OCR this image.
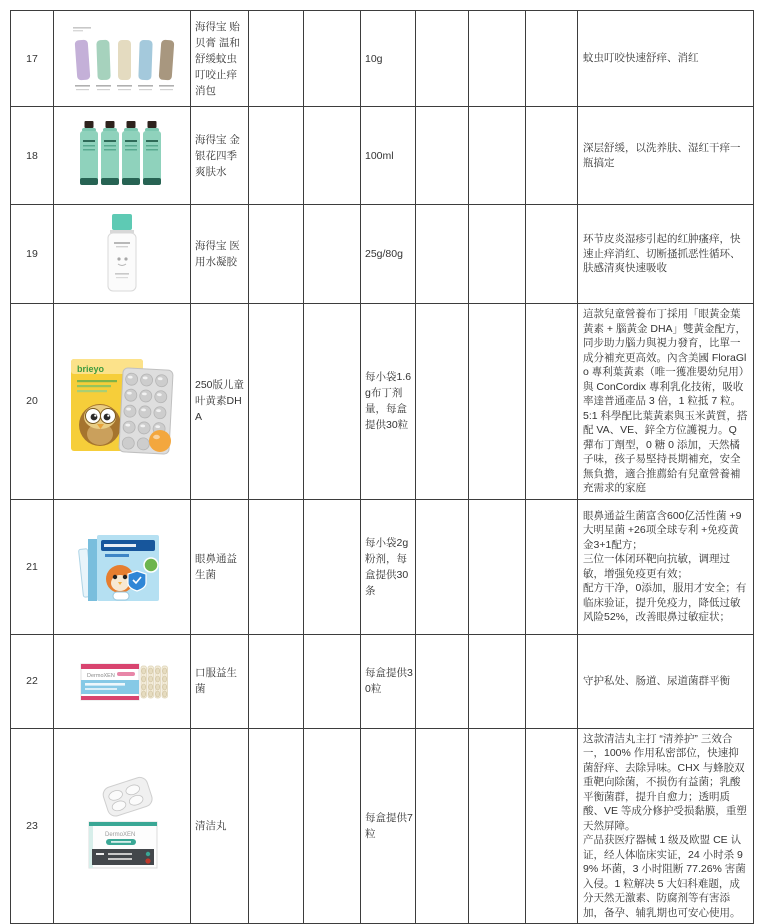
17		海得宝 贻贝膏 温和舒缓蚊虫叮咬止痒消包			10g				蚊虫叮咬快速舒痒、消红
18		海得宝 金银花四季爽肤水			100ml				深层舒缓，以洗养肤、湿红干痒一瓶搞定
19		海得宝 医用水凝胶			25g/80g				环节皮炎湿疹引起的红肿瘙痒，快速止痒消红、切断搔抓恶性循环、肤感清爽快速吸收
20	brieyo	250版儿童叶黄素DHA			每小袋1.6g布丁剂量，每盒提供30粒				這款兒童營養布丁採用「眼黃金葉黃素 + 腦黃金 DHA」雙黃金配方，同步助力腦力與視力發育，比單一成分補充更高效。內含美國 FloraGlo 專利葉黃素（唯一獲准嬰幼兒用）與 ConCordix 專利乳化技術，吸收率達普通產品 3 倍，1 粒抵 7 粒。
5:1 科學配比葉黃素與玉米黃質，搭配 VA、VE、鋅全方位護視力。Q 彈布丁劑型，0 糖 0 添加，天然橘子味，孩子易堅持長期補充，安全無負擔，適合推薦給有兒童營養補充需求的家庭
21		眼鼻通益生菌			每小袋2g粉剂，每盒提供30条				眼鼻通益生菌富含600亿活性菌 +9大明星菌 +26项全球专利 +免疫黄金3+1配方；
三位一体闭环靶向抗敏，调理过敏，增强免疫更有效；
配方干净，0添加，服用才安全；有临床验证，提升免疫力，降低过敏风险52%，改善眼鼻过敏症状；
22	DermoXEN	口服益生菌			每盒提供30粒				守护私处、肠道、尿道菌群平衡
23	DermoXEN	清洁丸			每盒提供7粒				这款清洁丸主打 “清养护” 三效合一，100% 作用私密部位，快速抑菌舒痒、去除异味。CHX 与蜂胶双重靶向除菌，不损伤有益菌；乳酸平衡菌群，提升自愈力；透明质酸、VE 等成分修护受损黏膜，重塑天然屏障。
产品获医疗器械 1 级及欧盟 CE 认证，经人体临床实证，24 小时杀 99% 坏菌，3 小时阻断 77.26% 害菌入侵。1 粒解决 5 大妇科难题，成分天然无激素、防腐剂等有害添加，备孕、辅乳期也可安心使用。
